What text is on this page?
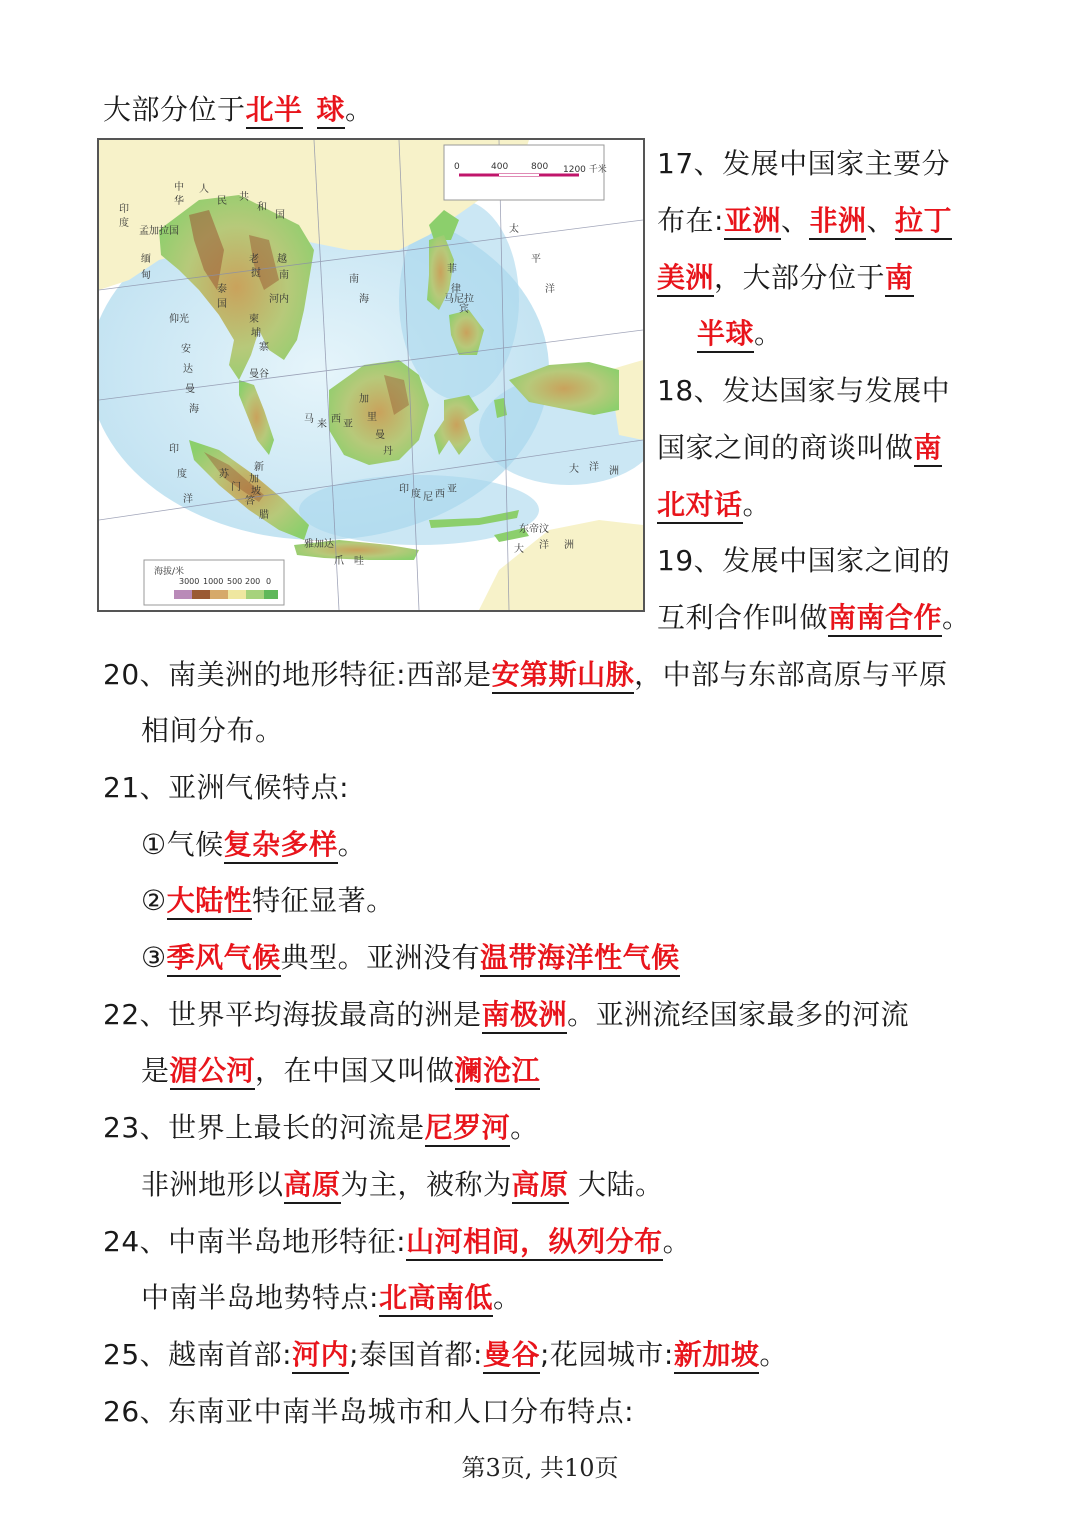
0	400	800 1200 千米
海拔/米
3000 1000 500 200 0
中
华
人
民 共
和
国
印
度
孟加拉国
缅
甸
泰
国
老
挝
越
南
柬
埔
寨
马 来 西 亚
新
加
坡	印 度 尼 西 亚
菲
律
宾
南
海
太
平
洋
安
达
曼
海
印
度
洋
大 洋 洲
大 洋 洲
苏
门
答
腊
加
里
曼
丹
爪 哇
马尼拉
河内
曼谷
仰光
雅加达
东帝汶
大部分位于北半 球。
17、发展中国家主要分
布在:亚洲、非洲、拉丁
美洲，大部分位于南
半球。
18、发达国家与发展中
国家之间的商谈叫做南
北对话。
19、发展中国家之间的
互利合作叫做南南合作。
20、南美洲的地形特征:西部是安第斯山脉，中部与东部高原与平原
相间分布。
21、亚洲气候特点:
①气候复杂多样。
②大陆性特征显著。
③季风气候典型。亚洲没有温带海洋性气候
22、世界平均海拔最高的洲是南极洲。亚洲流经国家最多的河流
是湄公河，在中国又叫做澜沧江
23、世界上最长的河流是尼罗河。
非洲地形以高原为主，被称为高原 大陆。
24、中南半岛地形特征:山河相间，纵列分布。
中南半岛地势特点:北高南低。
25、越南首部:河内;泰国首都:曼谷;花园城市:新加坡。
26、东南亚中南半岛城市和人口分布特点:
第3页, 共10页
